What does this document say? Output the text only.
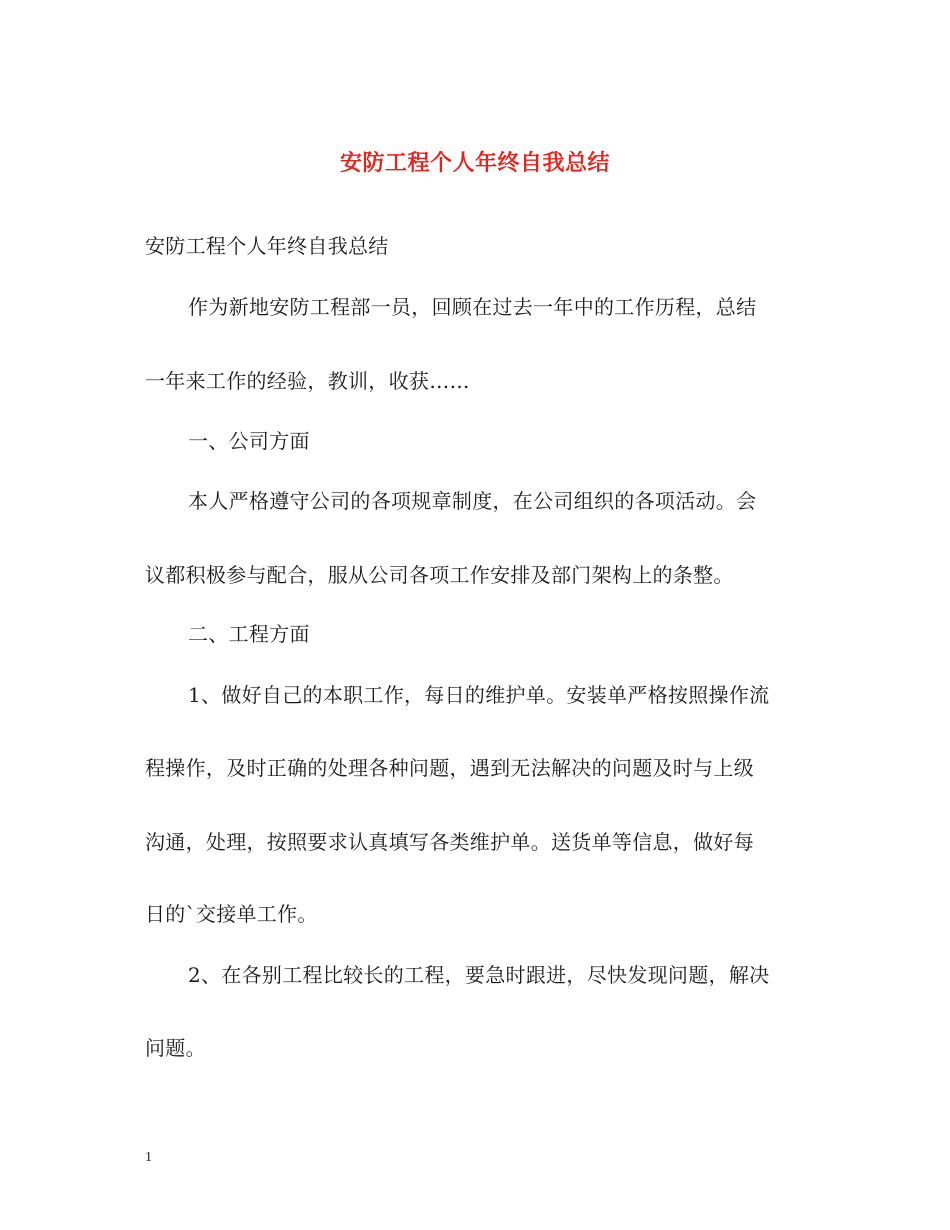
安防工程个人年终自我总结
安防工程个人年终自我总结
作为新地安防工程部一员，回顾在过去一年中的工作历程，总结
一年来工作的经验，教训，收获……
一、公司方面
本人严格遵守公司的各项规章制度，在公司组织的各项活动。会
议都积极参与配合，服从公司各项工作安排及部门架构上的条整。
二、工程方面
1、做好自己的本职工作，每日的维护单。安装单严格按照操作流
程操作，及时正确的处理各种问题，遇到无法解决的问题及时与上级
沟通，处理，按照要求认真填写各类维护单。送货单等信息，做好每
日的`交接单工作。
2、在各别工程比较长的工程，要急时跟进，尽快发现问题，解决
问题。
1
